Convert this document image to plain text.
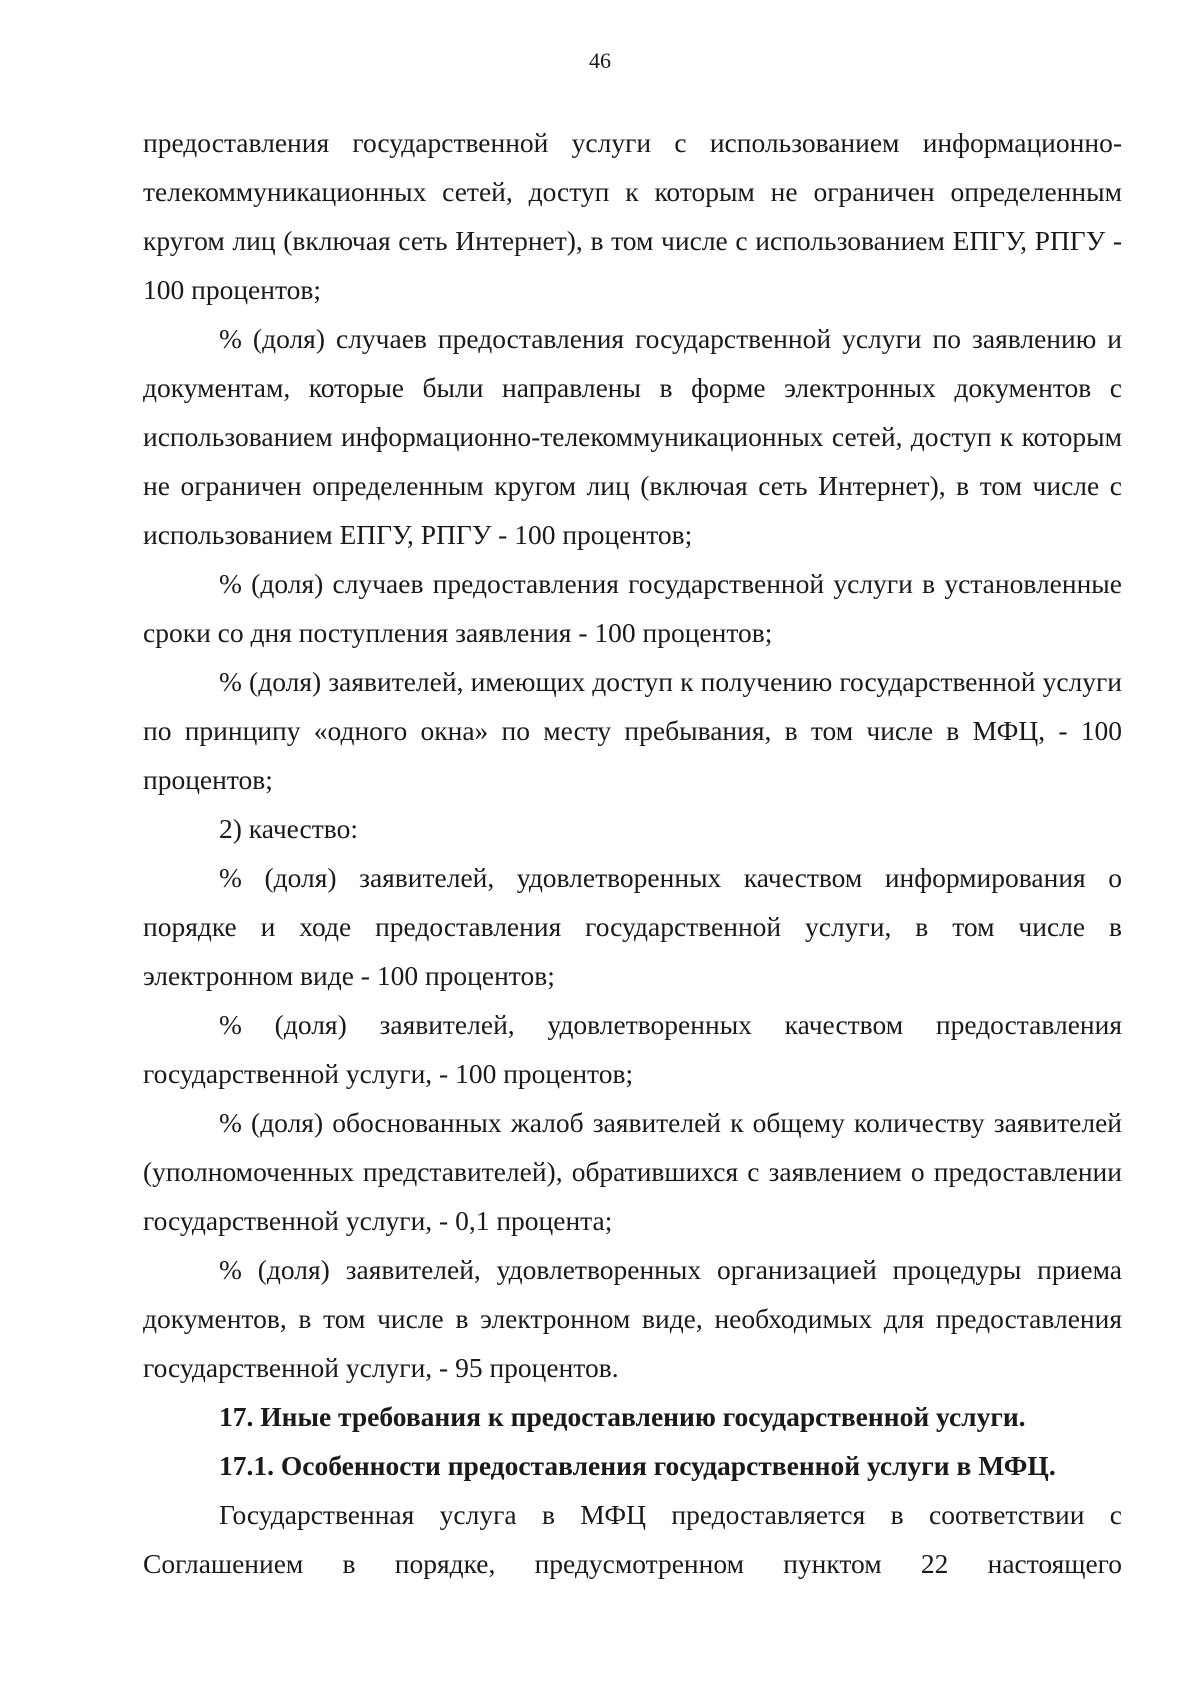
46

предоставления государственной услуги с использованием информационно-телекоммуникационных сетей, доступ к которым не ограничен определенным кругом лиц (включая сеть Интернет), в том числе с использованием ЕПГУ, РПГУ - 100 процентов;

% (доля) случаев предоставления государственной услуги по заявлению и документам, которые были направлены в форме электронных документов с использованием информационно-телекоммуникационных сетей, доступ к которым не ограничен определенным кругом лиц (включая сеть Интернет), в том числе с использованием ЕПГУ, РПГУ - 100 процентов;

% (доля) случаев предоставления государственной услуги в установленные сроки со дня поступления заявления - 100 процентов;

% (доля) заявителей, имеющих доступ к получению государственной услуги по принципу «одного окна» по месту пребывания, в том числе в МФЦ, - 100 процентов;

2) качество:

% (доля) заявителей, удовлетворенных качеством информирования о порядке и ходе предоставления государственной услуги, в том числе в электронном виде - 100 процентов;

% (доля) заявителей, удовлетворенных качеством предоставления государственной услуги, - 100 процентов;

% (доля) обоснованных жалоб заявителей к общему количеству заявителей (уполномоченных представителей), обратившихся с заявлением о предоставлении государственной услуги, - 0,1 процента;

% (доля) заявителей, удовлетворенных организацией процедуры приема документов, в том числе в электронном виде, необходимых для предоставления государственной услуги, - 95 процентов.

17. Иные требования к предоставлению государственной услуги.

17.1. Особенности предоставления государственной услуги в МФЦ.

Государственная услуга в МФЦ предоставляется в соответствии с Соглашением в порядке, предусмотренном пунктом 22 настоящего
